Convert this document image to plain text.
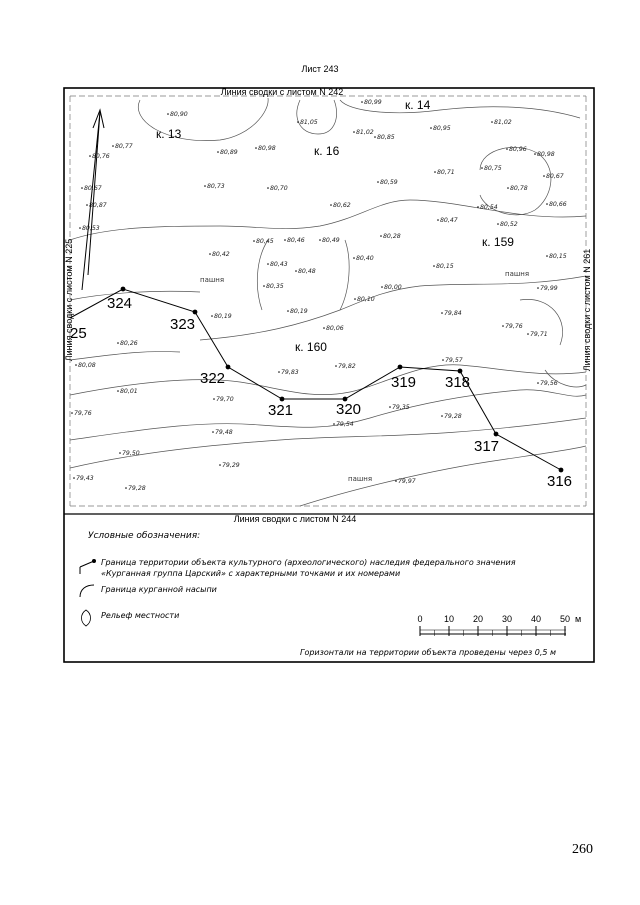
Лист 243
324
323
322
321	320
319 318
317
316
к. 13
к. 14
к. 16
к. 159
к. 160
пашня
пашня
пашня
80,90
80,77
80,76
80,67
80,53
80,87
80,89
80,98
81,05
81,02
80,99
80,85
80,95
81,02
80,96
80,98
80,75
80,78
80,67
80,71
80,59
80,73	80,70
80,62	80,54
80,52
80,66
80,47
80,28
80,45 80,46	80,49
80,40
80,42
80,43
80,48
80,35
80,15
80,19
80,19
80,10
80,00
80,06
79,84
79,99
80,15
79,76
79,71
80,08
80,01
79,82
79,83
79,57
79,70
79,35
79,28
79,54
79,48
79,76
79,50
79,43
79,29
79,28
79,97
80,26
79,56
Линия сводки с листом N 242
Линия сводки с листом N 244
Линия сводки с листом N 225	Линия сводки с листом N 261
25
Условные обозначения:
Граница территории объекта культурного (археологического) наследия федерального значения
«Курганная группа Царский» с характерными точками и их номерами
Граница курганной насыпи
Рельеф местности	0 10 20 30 40 50 м
Горизонтали на территории объекта проведены через 0,5 м
260
